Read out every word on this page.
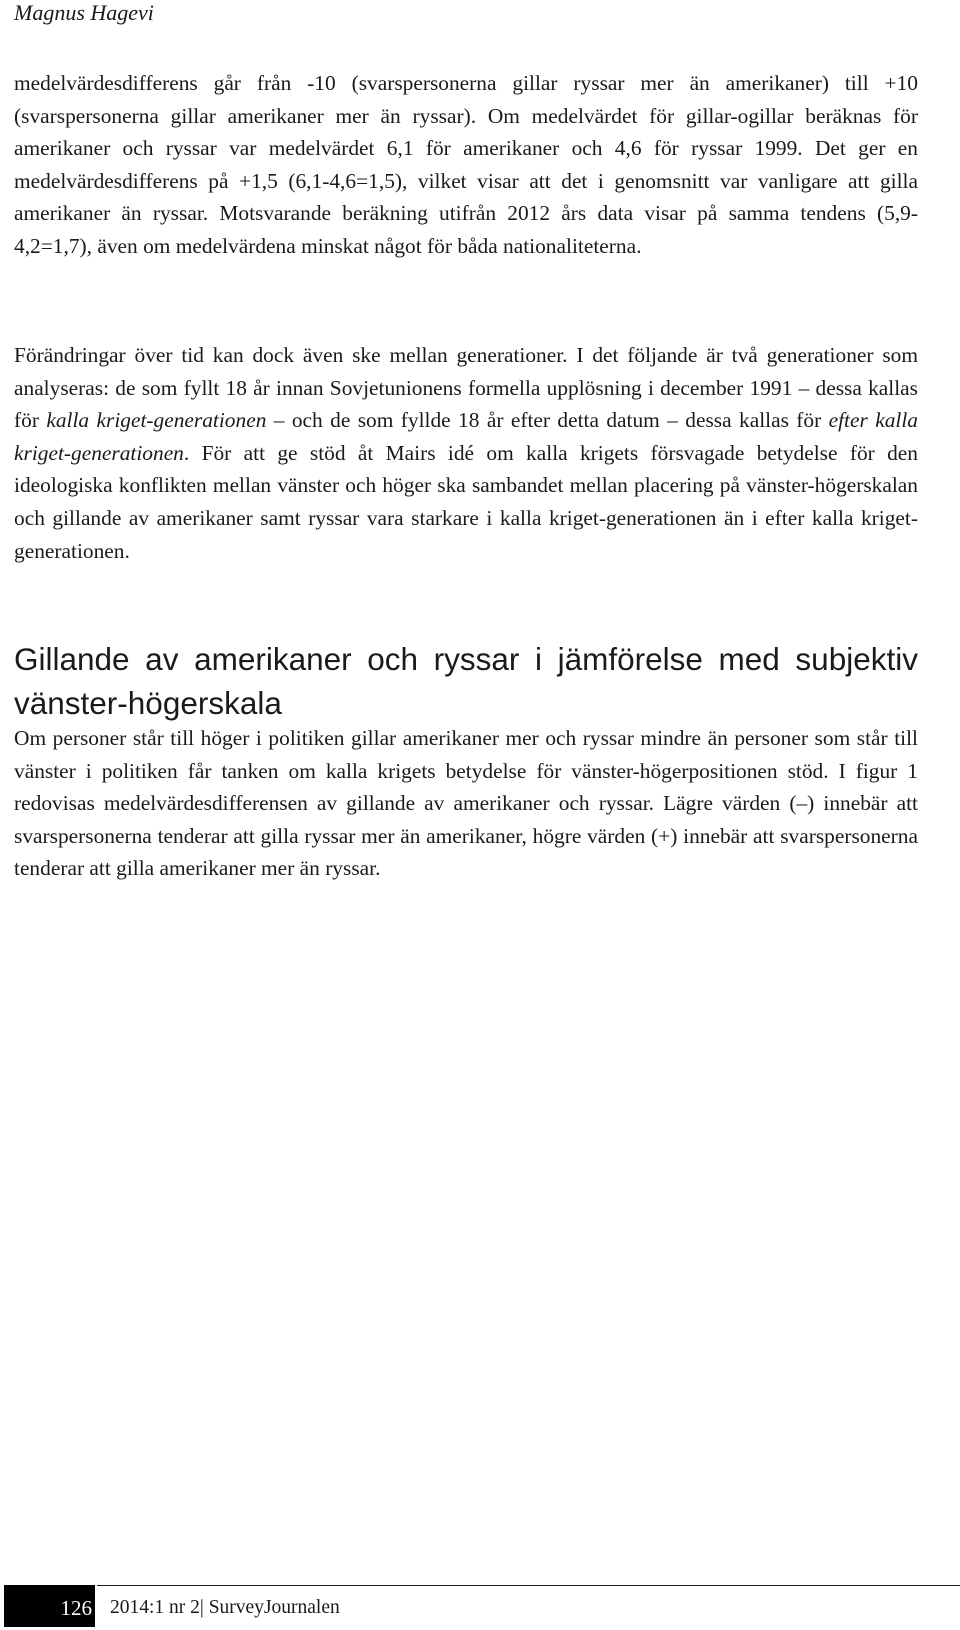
Magnus Hagevi

medelvärdesdifferens går från -10 (svarspersonerna gillar ryssar mer än amerikaner) till +10 (svarspersonerna gillar amerikaner mer än ryssar). Om medelvärdet för gillar-ogillar beräknas för amerikaner och ryssar var medelvärdet 6,1 för amerikaner och 4,6 för ryssar 1999. Det ger en medelvärdesdifferens på +1,5 (6,1-4,6=1,5), vilket visar att det i genomsnitt var vanligare att gilla amerikaner än ryssar. Motsvarande beräkning utifrån 2012 års data visar på samma tendens (5,9-4,2=1,7), även om medelvärdena minskat något för båda nationaliteterna.

Förändringar över tid kan dock även ske mellan generationer. I det följande är två generationer som analyseras: de som fyllt 18 år innan Sovjetunionens formella upplösning i december 1991 – dessa kallas för kalla kriget-generationen – och de som fyllde 18 år efter detta datum – dessa kallas för efter kalla kriget-generationen. För att ge stöd åt Mairs idé om kalla krigets försvagade betydelse för den ideologiska konflikten mellan vänster och höger ska sambandet mellan placering på vänster-högerskalan och gillande av amerikaner samt ryssar vara starkare i kalla kriget-generationen än i efter kalla kriget-generationen.

Gillande av amerikaner och ryssar i jämförelse med subjektiv vänster-högerskala

Om personer står till höger i politiken gillar amerikaner mer och ryssar mindre än personer som står till vänster i politiken får tanken om kalla krigets betydelse för vänster-högerpositionen stöd. I figur 1 redovisas medelvärdesdifferensen av gillande av amerikaner och ryssar. Lägre värden (–) innebär att svarspersonerna tenderar att gilla ryssar mer än amerikaner, högre värden (+) innebär att svarspersonerna tenderar att gilla amerikaner mer än ryssar.

126 2014:1 nr 2| SurveyJournalen
